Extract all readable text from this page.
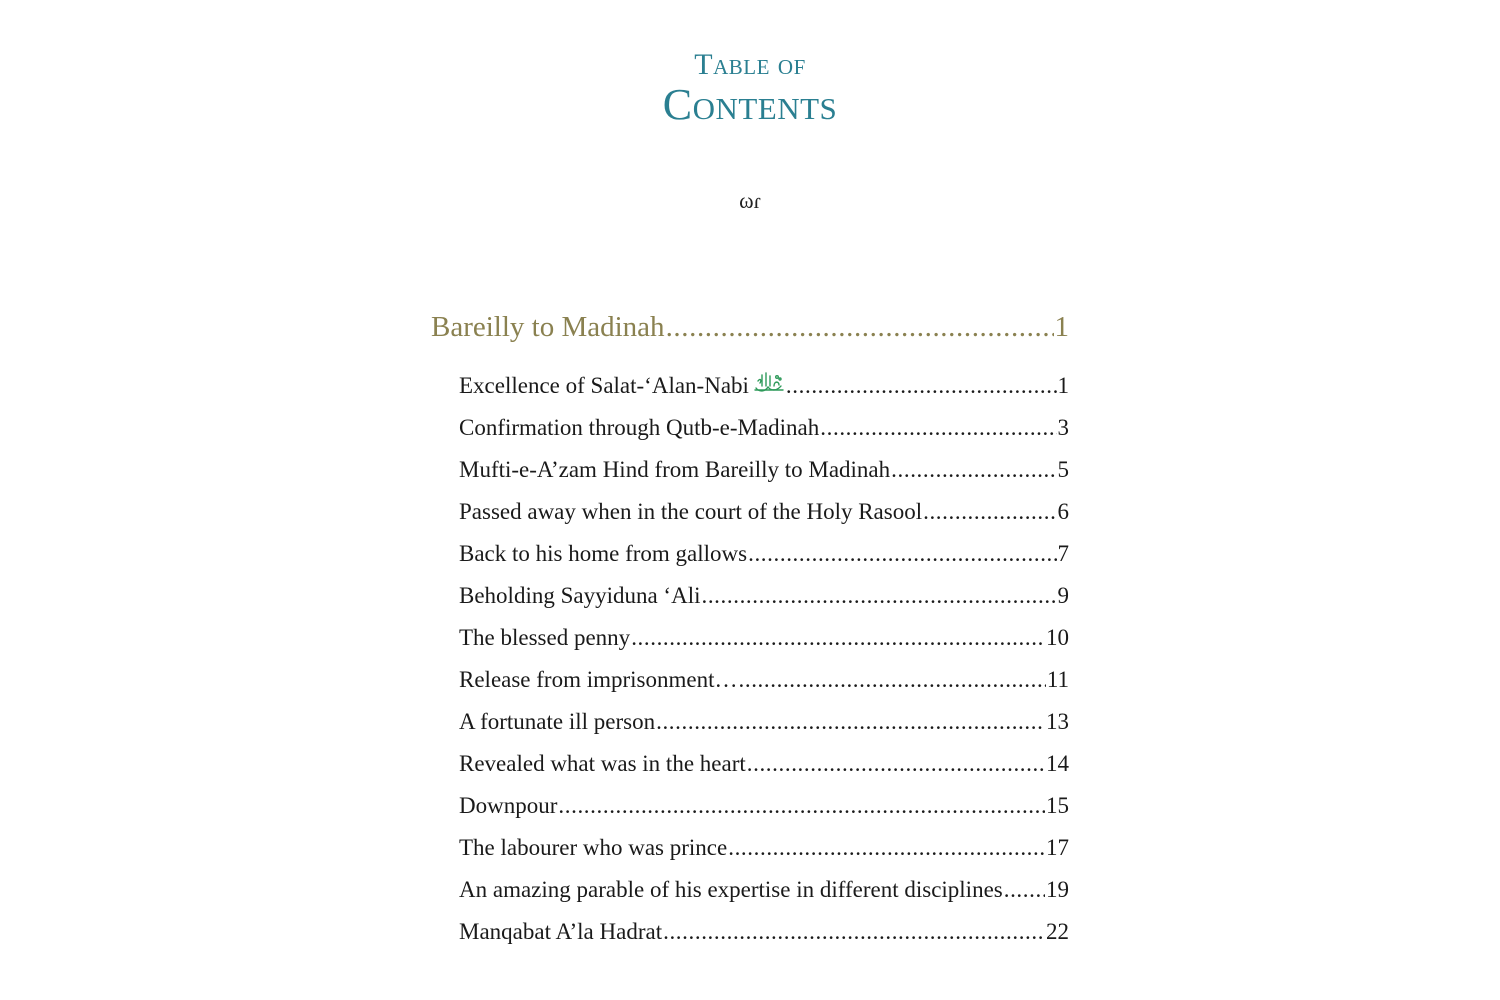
Table of
Contents
ωɾ
Bareilly to Madinah .....	1
Excellence of Salat-‘Alan-Nabi .....	1
Confirmation through Qutb-e-Madinah .....	3
Mufti-e-A’zam Hind from Bareilly to Madinah .....	5
Passed away when in the court of the Holy Rasool .....	6
Back to his home from gallows .....	7
Beholding Sayyiduna ‘Ali .....	9
The blessed penny .....	10
Release from imprisonment… .....	11
A fortunate ill person .....	13
Revealed what was in the heart .....	14
Downpour .....	15
The labourer who was prince .....	17
An amazing parable of his expertise in different disciplines ..... 19
Manqabat A’la Hadrat .....	22
